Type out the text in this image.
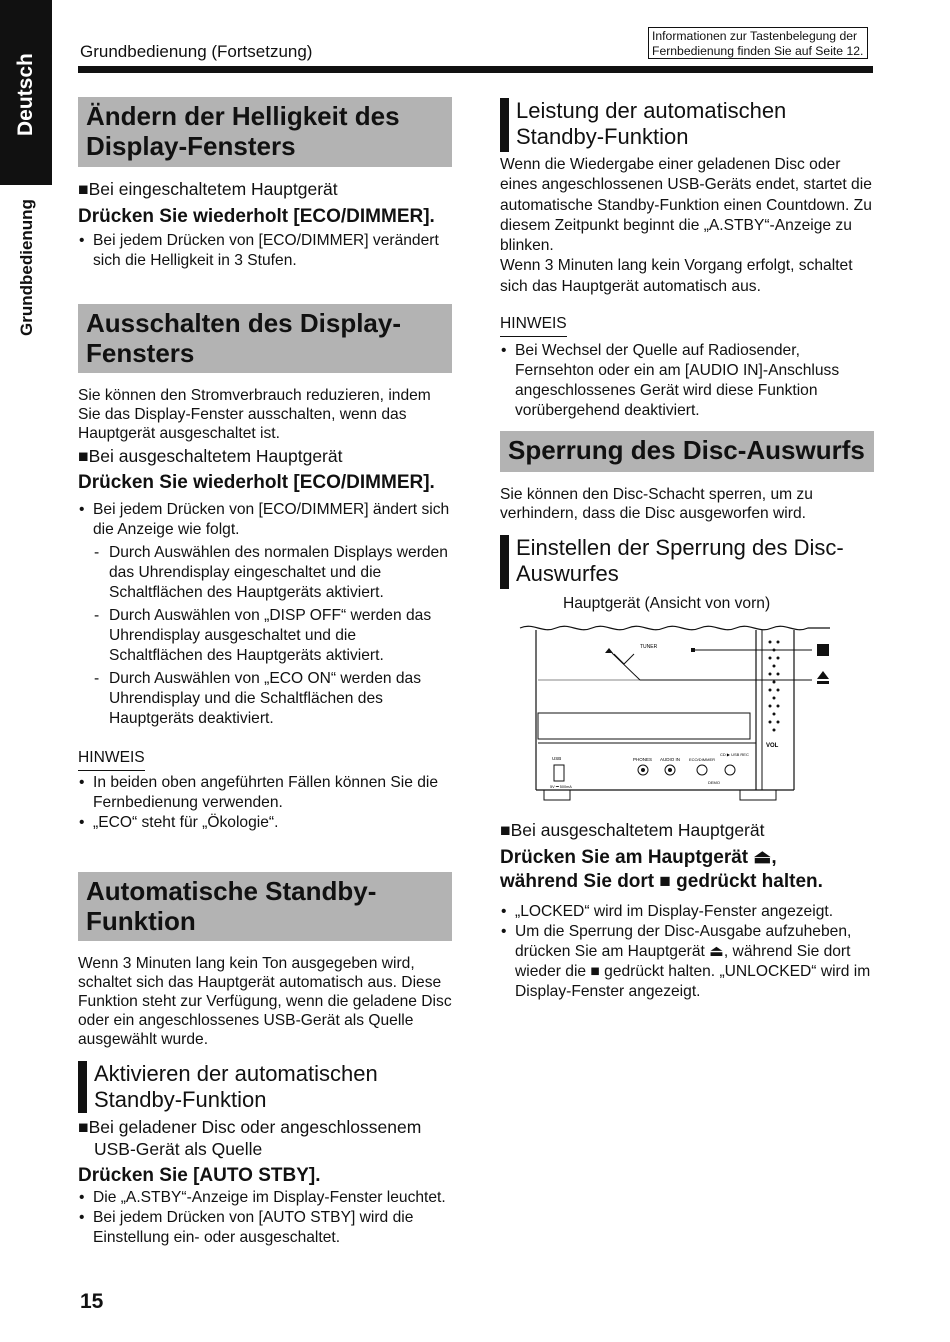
Deutsch
Grundbedienung
Grundbedienung (Fortsetzung)
Informationen zur Tastenbelegung der Fernbedienung finden Sie auf Seite 12.
Ändern der Helligkeit des Display-Fensters
■Bei eingeschaltetem Hauptgerät
Drücken Sie wiederholt [ECO/DIMMER].
• Bei jedem Drücken von [ECO/DIMMER] verändert sich die Helligkeit in 3 Stufen.
Ausschalten des Display-Fensters
Sie können den Stromverbrauch reduzieren, indem Sie das Display-Fenster ausschalten, wenn das Hauptgerät ausgeschaltet ist.
■Bei ausgeschaltetem Hauptgerät
Drücken Sie wiederholt [ECO/DIMMER].
• Bei jedem Drücken von [ECO/DIMMER] ändert sich die Anzeige wie folgt.
- Durch Auswählen des normalen Displays werden das Uhrendisplay eingeschaltet und die Schaltflächen des Hauptgeräts aktiviert.
- Durch Auswählen von „DISP OFF“ werden das Uhrendisplay ausgeschaltet und die Schaltflächen des Hauptgeräts aktiviert.
- Durch Auswählen von „ECO ON“ werden das Uhrendisplay und die Schaltflächen des Hauptgeräts deaktiviert.
HINWEIS
• In beiden oben angeführten Fällen können Sie die Fernbedienung verwenden.
• „ECO“ steht für „Ökologie“.
Automatische Standby-Funktion
Wenn 3 Minuten lang kein Ton ausgegeben wird, schaltet sich das Hauptgerät automatisch aus. Diese Funktion steht zur Verfügung, wenn die geladene Disc oder ein angeschlossenes USB-Gerät als Quelle ausgewählt wurde.
Aktivieren der automatischen Standby-Funktion
■Bei geladener Disc oder angeschlossenem USB-Gerät als Quelle
Drücken Sie [AUTO STBY].
• Die „A.STBY“-Anzeige im Display-Fenster leuchtet.
• Bei jedem Drücken von [AUTO STBY] wird die Einstellung ein- oder ausgeschaltet.
Leistung der automatischen Standby-Funktion
Wenn die Wiedergabe einer geladenen Disc oder eines angeschlossenen USB-Geräts endet, startet die automatische Standby-Funktion einen Countdown. Zu diesem Zeitpunkt beginnt die „A.STBY“-Anzeige zu blinken.
Wenn 3 Minuten lang kein Vorgang erfolgt, schaltet sich das Hauptgerät automatisch aus.
HINWEIS
• Bei Wechsel der Quelle auf Radiosender, Fernsehton oder ein am [AUDIO IN]-Anschluss angeschlossenes Gerät wird diese Funktion vorübergehend deaktiviert.
Sperrung des Disc-Auswurfs
Sie können den Disc-Schacht sperren, um zu verhindern, dass die Disc ausgeworfen wird.
Einstellen der Sperrung des Disc-Auswurfes
Hauptgerät (Ansicht von vorn)
TUNER
USB
5V ⎓ 500mA
PHONES AUDIO IN ECO/DIMMER
CD ▶ USB REC
DEMO
VOL
■Bei ausgeschaltetem Hauptgerät
Drücken Sie am Hauptgerät ⏏,
während Sie dort ■ gedrückt halten.
• „LOCKED“ wird im Display-Fenster angezeigt.
• Um die Sperrung der Disc-Ausgabe aufzuheben, drücken Sie am Hauptgerät ⏏, während Sie dort wieder die ■ gedrückt halten. „UNLOCKED“ wird im Display-Fenster angezeigt.
15
